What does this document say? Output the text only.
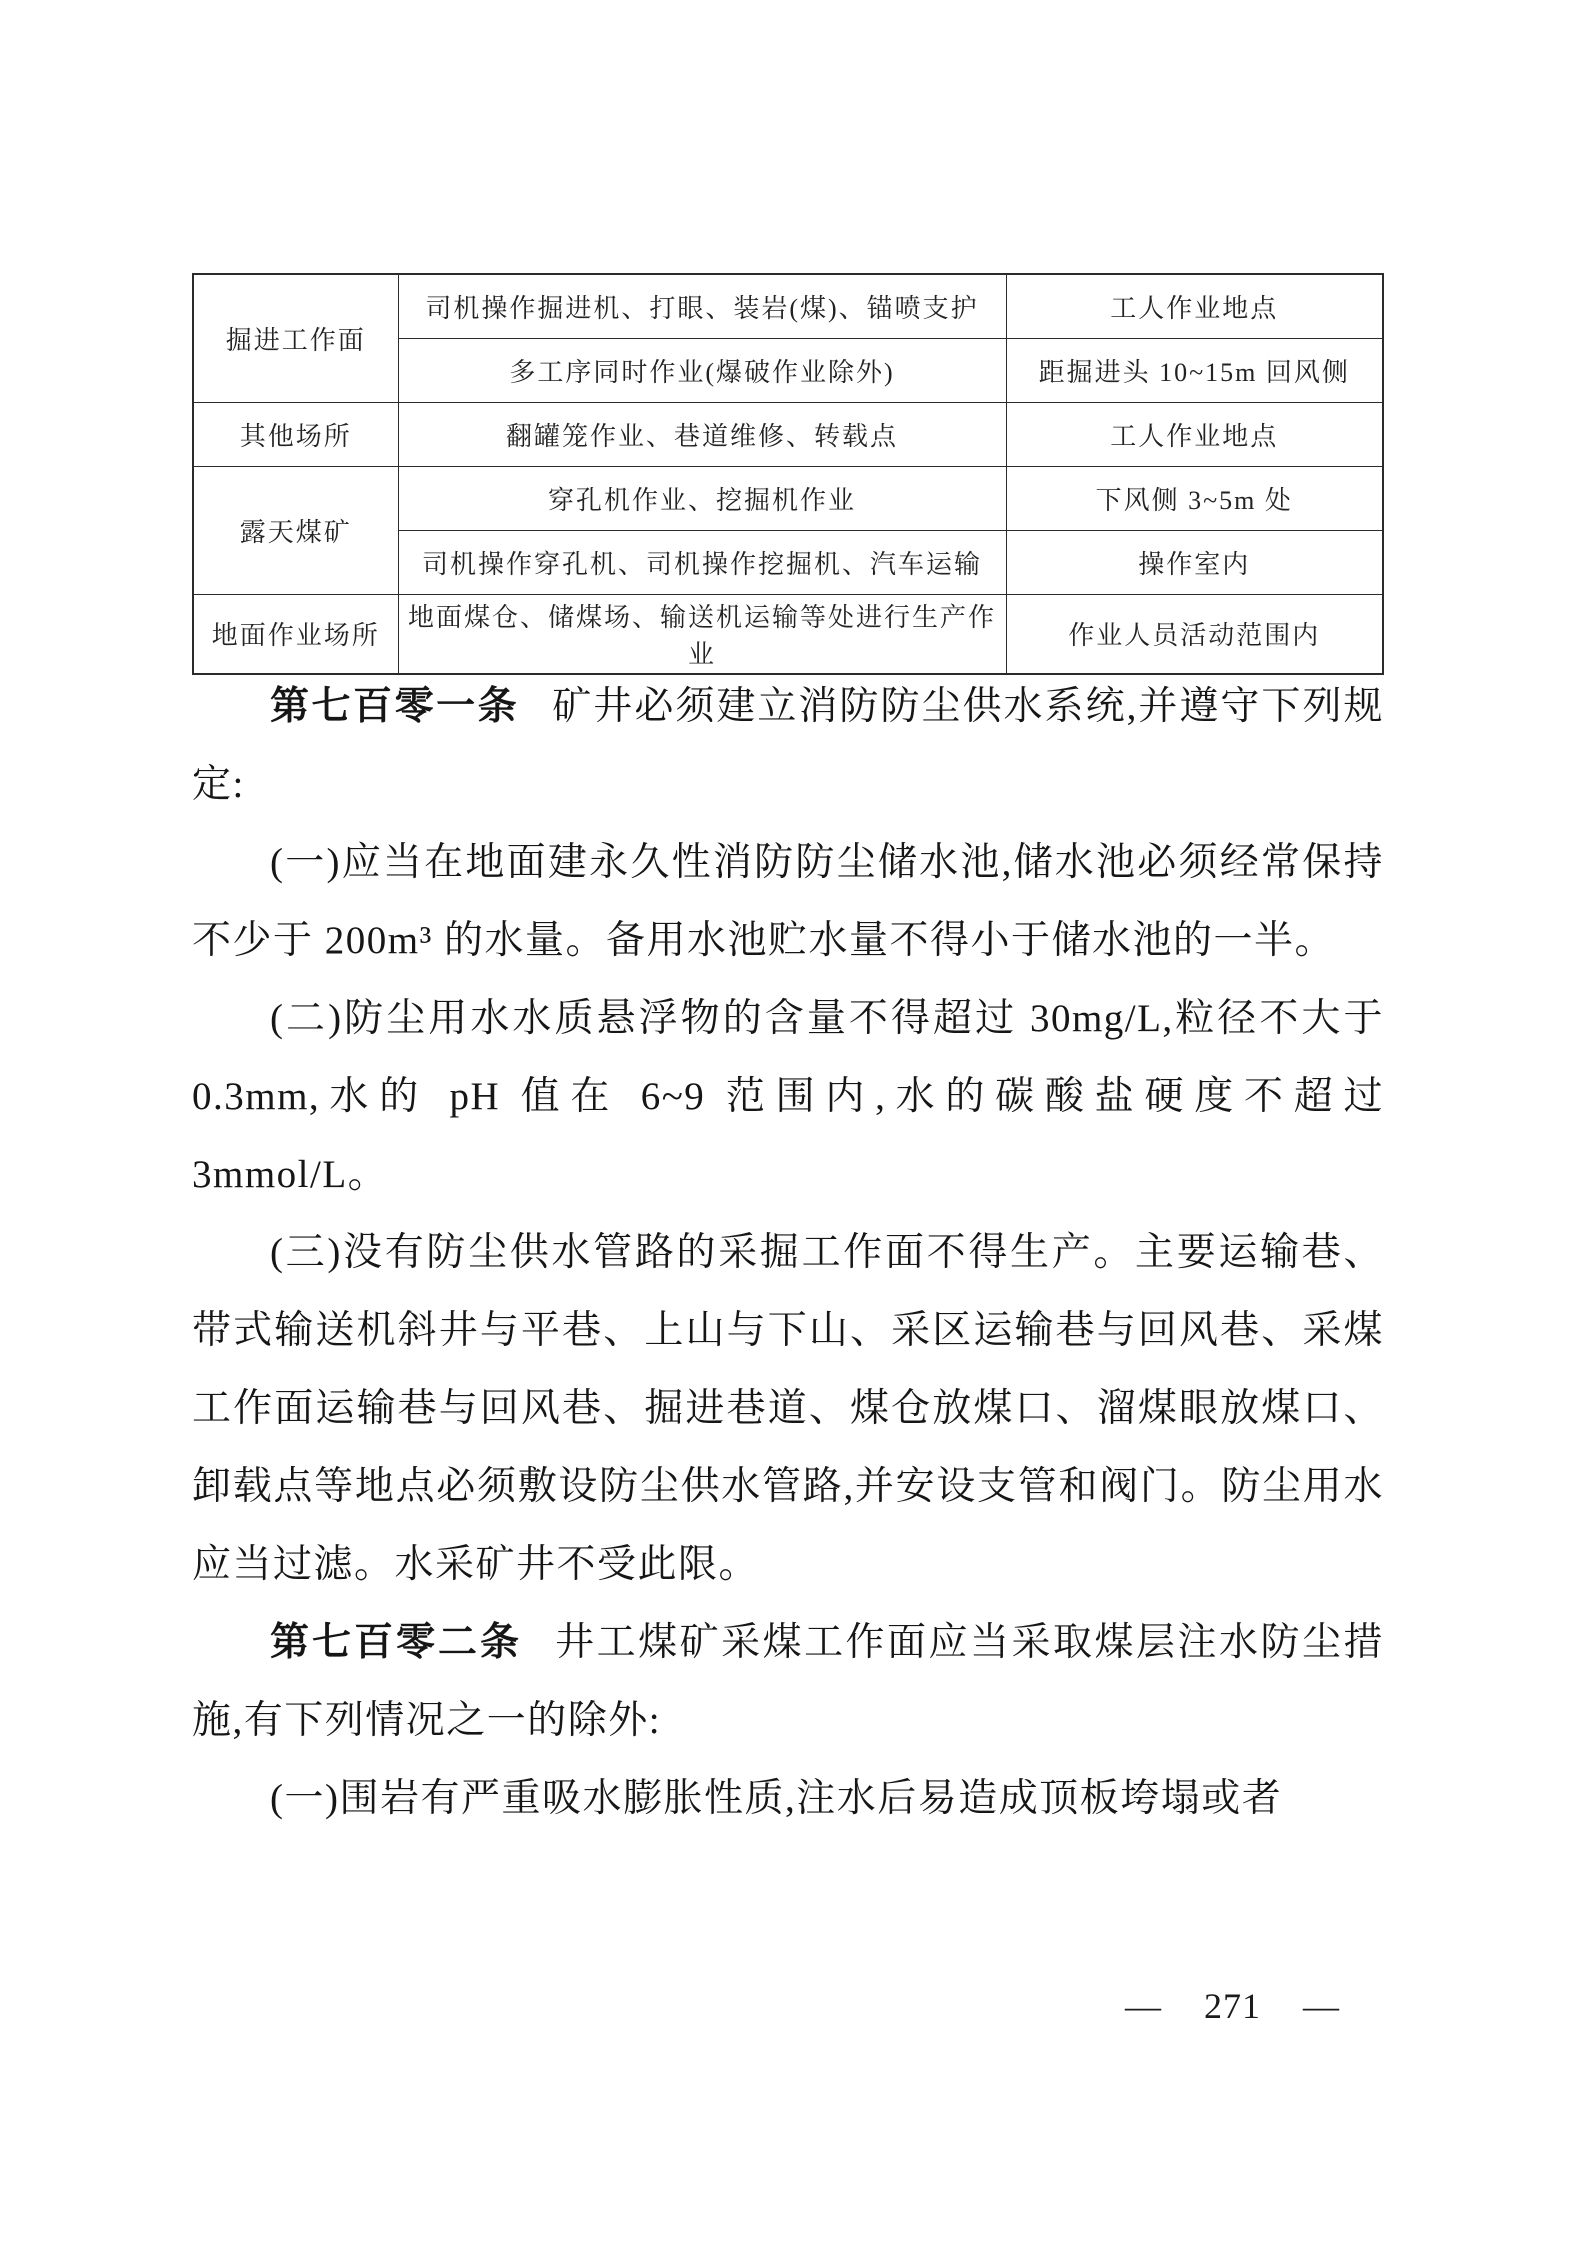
掘进工作面	司机操作掘进机、打眼、装岩(煤)、锚喷支护	工人作业地点
	多工序同时作业(爆破作业除外)	距掘进头 10~15m 回风侧
其他场所	翻罐笼作业、巷道维修、转载点	工人作业地点
露天煤矿	穿孔机作业、挖掘机作业	下风侧 3~5m 处
	司机操作穿孔机、司机操作挖掘机、汽车运输	操作室内
地面作业场所	地面煤仓、储煤场、输送机运输等处进行生产作业	作业人员活动范围内

第七百零一条 矿井必须建立消防防尘供水系统,并遵守下列规定:

(一)应当在地面建永久性消防防尘储水池,储水池必须经常保持不少于 200m³ 的水量。备用水池贮水量不得小于储水池的一半。

(二)防尘用水水质悬浮物的含量不得超过 30mg/L,粒径不大于 0.3mm,水的 pH 值在 6~9 范围内,水的碳酸盐硬度不超过 3mmol/L。

(三)没有防尘供水管路的采掘工作面不得生产。主要运输巷、带式输送机斜井与平巷、上山与下山、采区运输巷与回风巷、采煤工作面运输巷与回风巷、掘进巷道、煤仓放煤口、溜煤眼放煤口、卸载点等地点必须敷设防尘供水管路,并安设支管和阀门。防尘用水应当过滤。水采矿井不受此限。

第七百零二条 井工煤矿采煤工作面应当采取煤层注水防尘措施,有下列情况之一的除外:

(一)围岩有严重吸水膨胀性质,注水后易造成顶板垮塌或者

— 271 —
